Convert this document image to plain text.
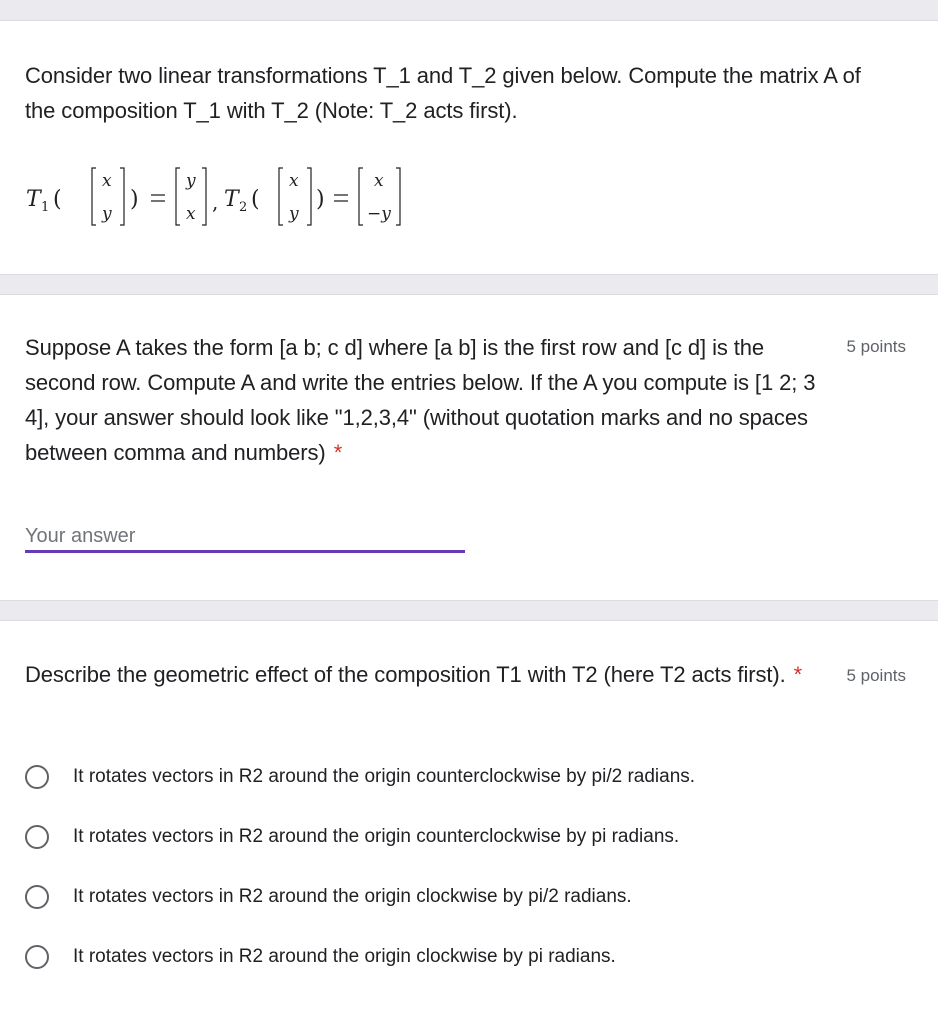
Consider two linear transformations T_1 and T_2 given below. Compute the matrix A of the composition T_1 with T_2 (Note: T_2 acts first).
T 1 (
x
y
)
y
x , T 2 (
x
y
)
x
−y
Suppose A takes the form [a b; c d] where [a b] is the first row and [c d] is the second row. Compute A and write the entries below. If the A you compute is [1 2; 3 4], your answer should look like "1,2,3,4" (without quotation marks and no spaces between comma and numbers) *
5 points
Your answer
Describe the geometric effect of the composition T1 with T2 (here T2 acts first). *	5 points
It rotates vectors in R2 around the origin counterclockwise by pi/2 radians.
It rotates vectors in R2 around the origin counterclockwise by pi radians.
It rotates vectors in R2 around the origin clockwise by pi/2 radians.
It rotates vectors in R2 around the origin clockwise by pi radians.
